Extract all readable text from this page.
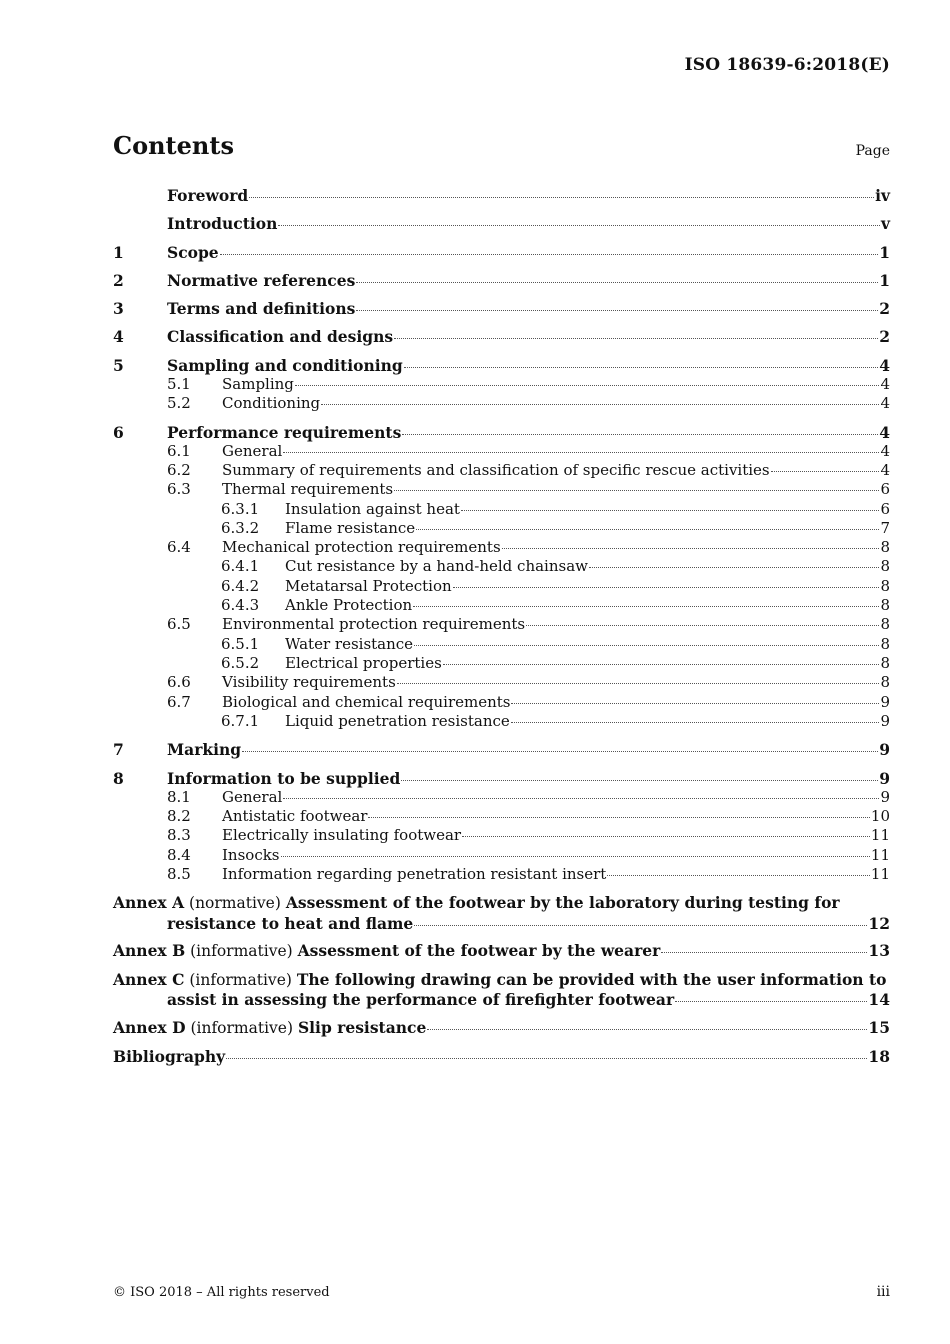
ISO 18639-6:2018(E)
Contents	Page
Foreword	iv
Introduction	v
1	Scope	1
2	Normative references	1
3	Terms and definitions	2
4	Classification and designs	2
5	Sampling and conditioning	4
5.1	Sampling	4
5.2	Conditioning	4
6	Performance requirements	4
6.1	General	4
6.2	Summary of requirements and classification of specific rescue activities	4
6.3	Thermal requirements	6
6.3.1	Insulation against heat	6
6.3.2	Flame resistance	7
6.4	Mechanical protection requirements	8
6.4.1	Cut resistance by a hand-held chainsaw	8
6.4.2	Metatarsal Protection	8
6.4.3	Ankle Protection	8
6.5	Environmental protection requirements	8
6.5.1	Water resistance	8
6.5.2	Electrical properties	8
6.6	Visibility requirements	8
6.7	Biological and chemical requirements	9
6.7.1	Liquid penetration resistance	9
7	Marking	9
8	Information to be supplied	9
8.1	General	9
8.2	Antistatic footwear	10
8.3	Electrically insulating footwear	11
8.4	Insocks	11
8.5	Information regarding penetration resistant insert	11
Annex A (normative) Assessment of the footwear by the laboratory during testing for
resistance to heat and flame	12
Annex B (informative) Assessment of the footwear by the wearer	13
Annex C (informative) The following drawing can be provided with the user information to
assist in assessing the performance of firefighter footwear	14
Annex D (informative) Slip resistance	15
Bibliography	18
© ISO 2018 – All rights reserved	iii
